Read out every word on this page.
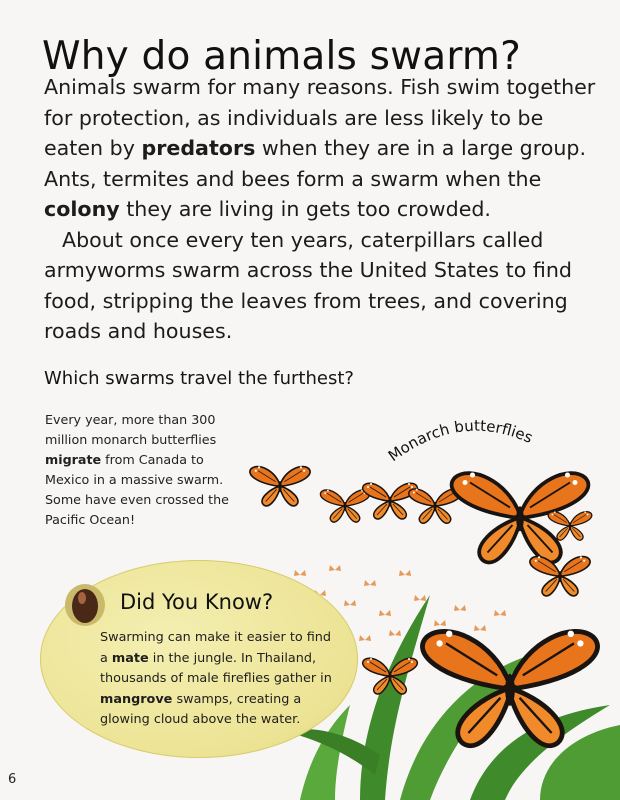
Why do animals swarm?

Animals swarm for many reasons. Fish swim together for protection, as individuals are less likely to be eaten by predators when they are in a large group. Ants, termites and bees form a swarm when the colony they are living in gets too crowded.

About once every ten years, caterpillars called armyworms swarm across the United States to find food, stripping the leaves from trees, and covering roads and houses.

Which swarms travel the furthest?
Every year, more than 300 million monarch butterflies migrate from Canada to Mexico in a massive swarm. Some have even crossed the Pacific Ocean!
Monarch butterflies
Did You Know?
Swarming can make it easier to find a mate in the jungle. In Thailand, thousands of male fireflies gather in mangrove swamps, creating a glowing cloud above the water.
6
